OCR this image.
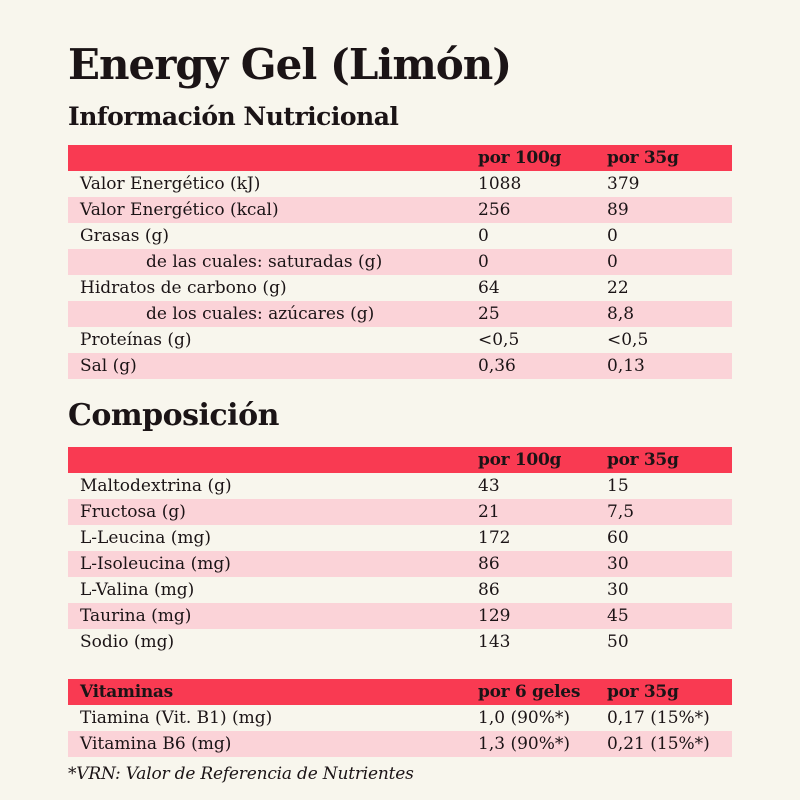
Energy Gel (Limón)
Información Nutricional
	por 100g	por 35g
Valor Energético (kJ)	1088	379
Valor Energético (kcal)	256	89
Grasas (g)	0	0
de las cuales: saturadas (g)	0	0
Hidratos de carbono (g)	64	22
de los cuales: azúcares (g)	25	8,8
Proteínas (g)	<0,5	<0,5
Sal (g)	0,36	0,13
Composición
	por 100g	por 35g
Maltodextrina (g)	43	15
Fructosa (g)	21	7,5
L-Leucina (mg)	172	60
L-Isoleucina (mg)	86	30
L-Valina (mg)	86	30
Taurina (mg)	129	45
Sodio (mg)	143	50
Vitaminas	por 6 geles	por 35g
Tiamina (Vit. B1) (mg)	1,0 (90%*)	0,17 (15%*)
Vitamina B6 (mg)	1,3 (90%*)	0,21 (15%*)

*VRN: Valor de Referencia de Nutrientes
